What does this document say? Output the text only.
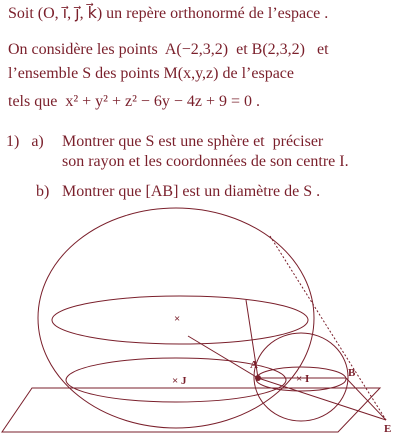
Soit (O, i⃗, j⃗, k⃗) un repère orthonormé de l’espace .
On considère les points  A(−2,3,2)  et B(2,3,2)   et
l’ensemble S des points M(x,y,z) de l’espace
tels que  x² + y² + z² − 6y − 4z + 9 = 0 .
1)   a) Montrer que S est une sphère et  préciser
son rayon et les coordonnées de son centre I.
b) Montrer que [AB] est un diamètre de S .
×
A
B
× J	× I
E
